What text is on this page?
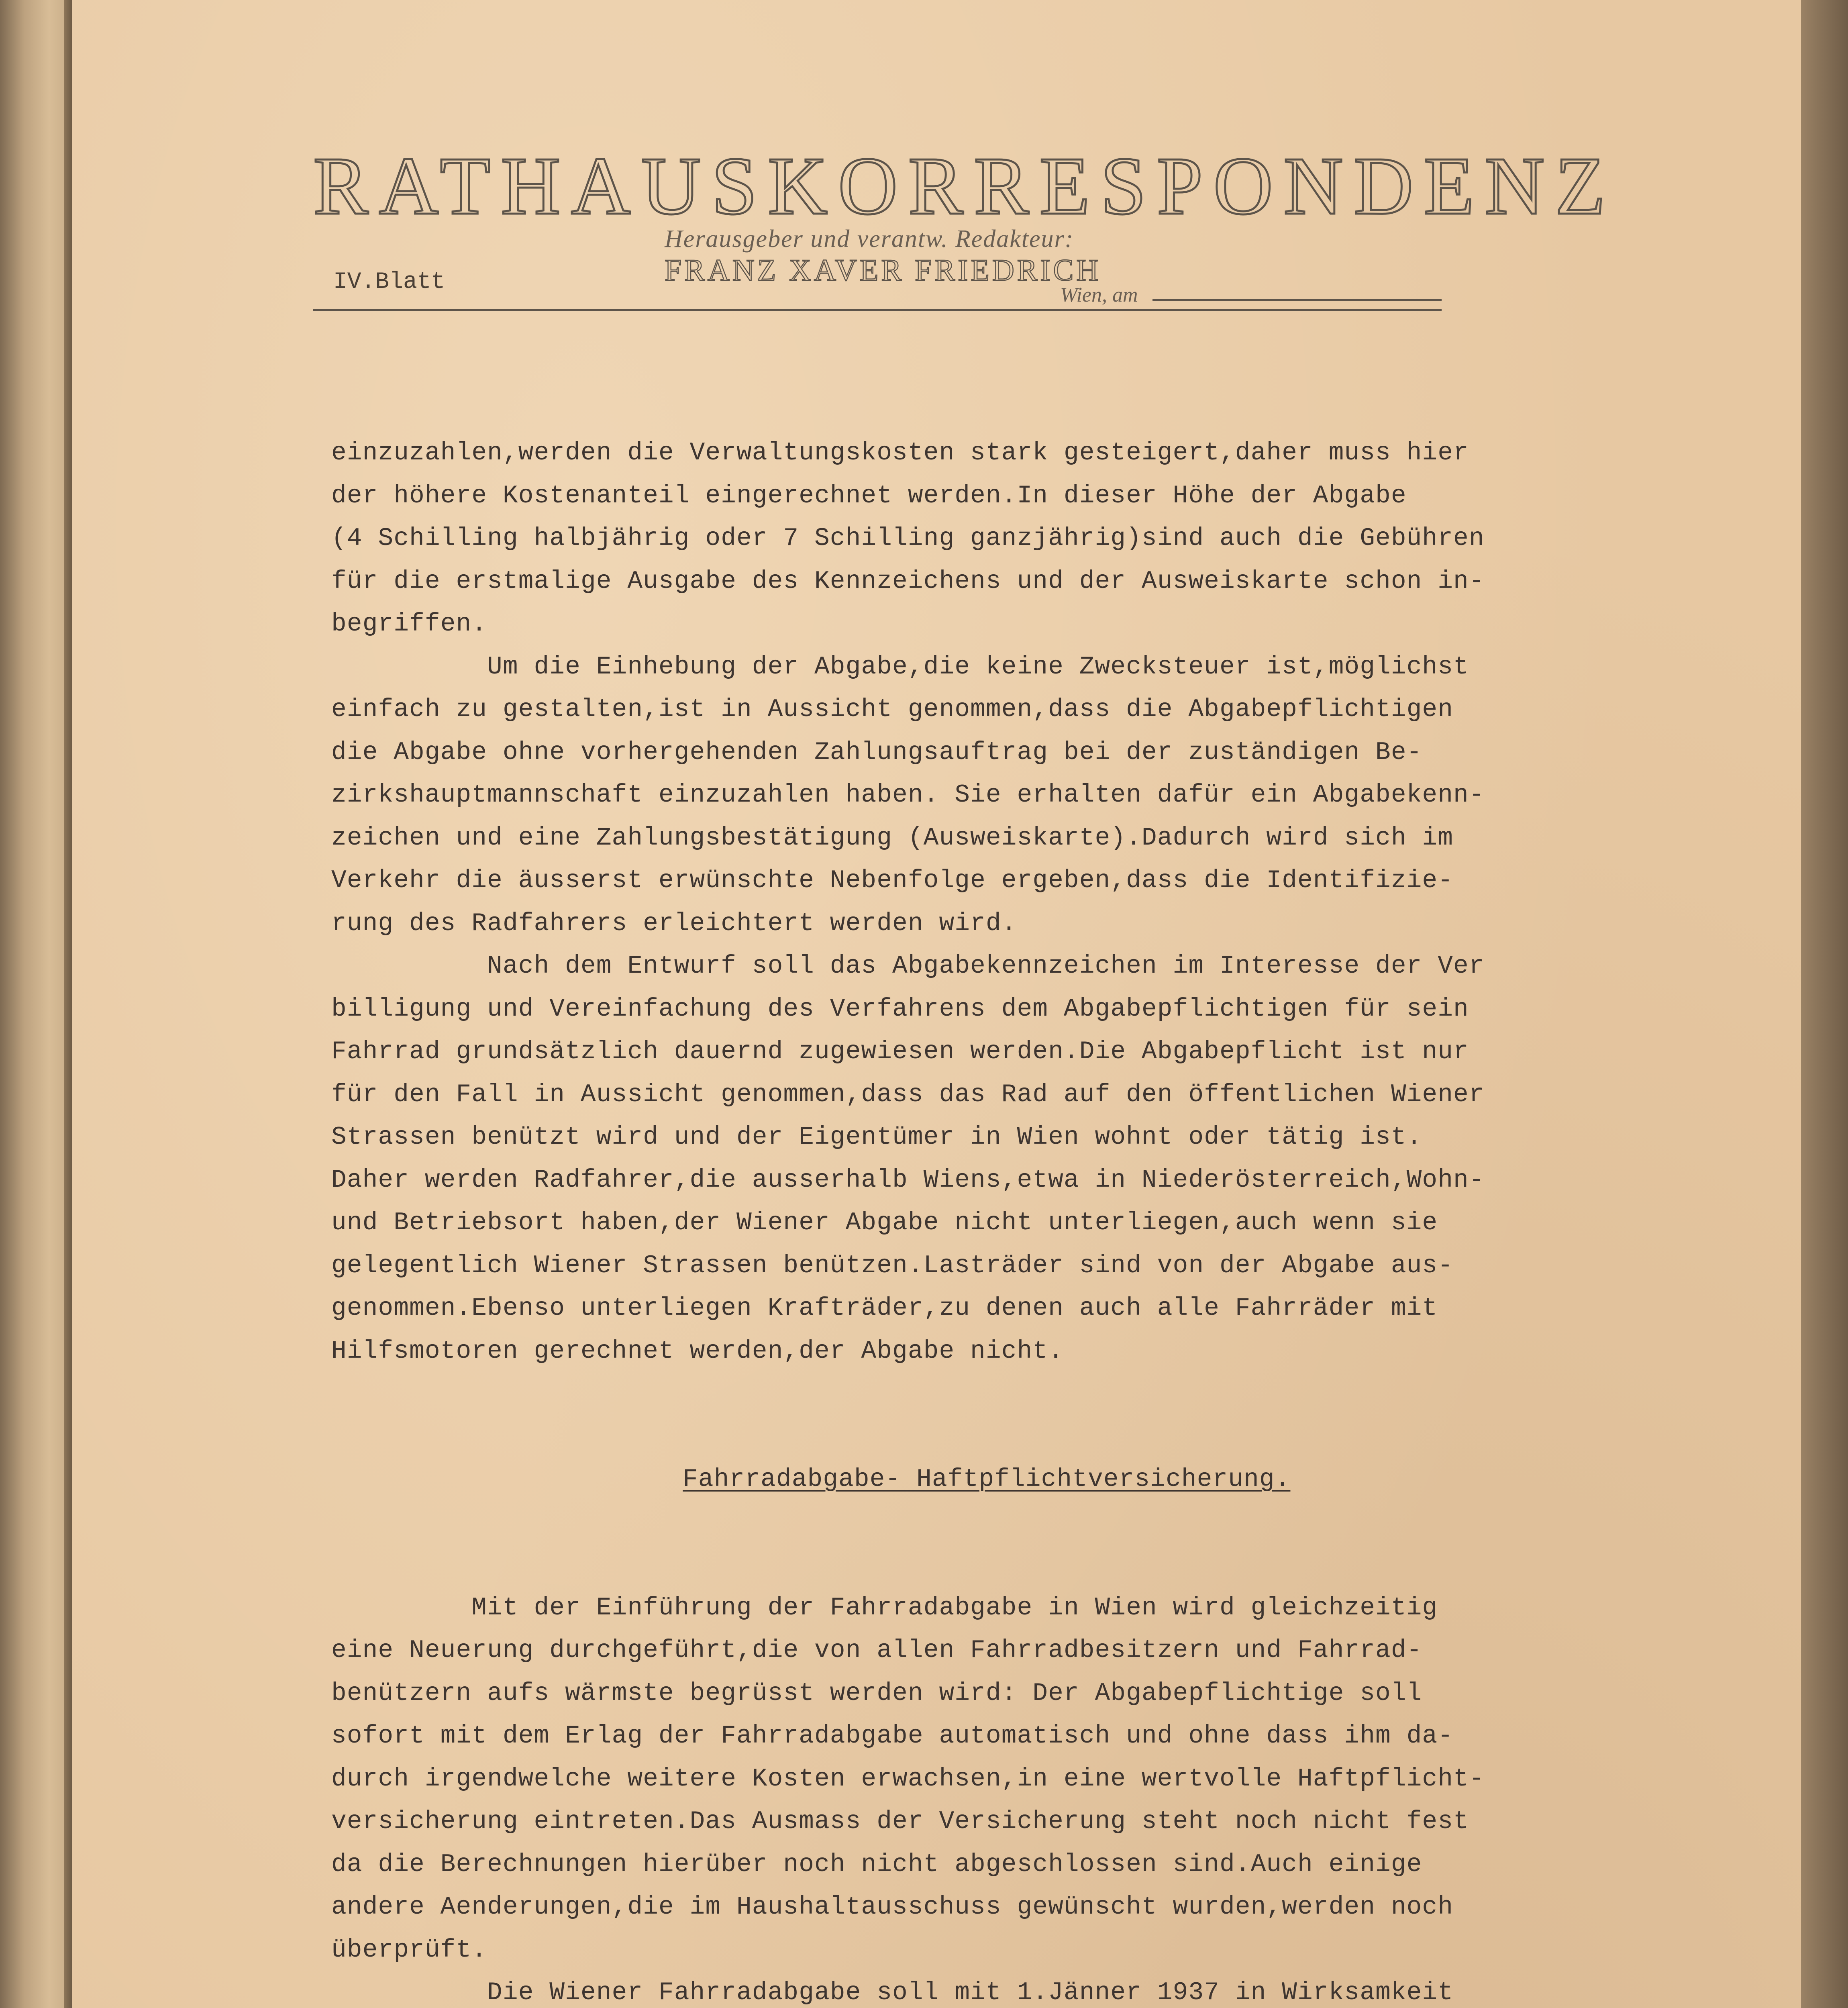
RATHAUSKORRESPONDENZ
Herausgeber und verantw. Redakteur:
FRANZ XAVER FRIEDRICH
IV.Blatt	Wien, am

einzuzahlen,werden die Verwaltungskosten stark gesteigert,daher muss hier
der höhere Kostenanteil eingerechnet werden.In dieser Höhe der Abgabe
(4 Schilling halbjährig oder 7 Schilling ganzjährig)sind auch die Gebühren
für die erstmalige Ausgabe des Kennzeichens und der Ausweiskarte schon in-
begriffen.
Um die Einhebung der Abgabe,die keine Zwecksteuer ist,möglichst
einfach zu gestalten,ist in Aussicht genommen,dass die Abgabepflichtigen
die Abgabe ohne vorhergehenden Zahlungsauftrag bei der zuständigen Be-
zirkshauptmannschaft einzuzahlen haben. Sie erhalten dafür ein Abgabekenn-
zeichen und eine Zahlungsbestätigung (Ausweiskarte).Dadurch wird sich im
Verkehr die äusserst erwünschte Nebenfolge ergeben,dass die Identifizie-
rung des Radfahrers erleichtert werden wird.
Nach dem Entwurf soll das Abgabekennzeichen im Interesse der Ver
billigung und Vereinfachung des Verfahrens dem Abgabepflichtigen für sein
Fahrrad grundsätzlich dauernd zugewiesen werden.Die Abgabepflicht ist nur
für den Fall in Aussicht genommen,dass das Rad auf den öffentlichen Wiener
Strassen benützt wird und der Eigentümer in Wien wohnt oder tätig ist.
Daher werden Radfahrer,die ausserhalb Wiens,etwa in Niederösterreich,Wohn-
und Betriebsort haben,der Wiener Abgabe nicht unterliegen,auch wenn sie
gelegentlich Wiener Strassen benützen.Lasträder sind von der Abgabe aus-
genommen.Ebenso unterliegen Krafträder,zu denen auch alle Fahrräder mit
Hilfsmotoren gerechnet werden,der Abgabe nicht.

Fahrradabgabe- Haftpflichtversicherung.

Mit der Einführung der Fahrradabgabe in Wien wird gleichzeitig
eine Neuerung durchgeführt,die von allen Fahrradbesitzern und Fahrrad-
benützern aufs wärmste begrüsst werden wird: Der Abgabepflichtige soll
sofort mit dem Erlag der Fahrradabgabe automatisch und ohne dass ihm da-
durch irgendwelche weitere Kosten erwachsen,in eine wertvolle Haftpflicht-
versicherung eintreten.Das Ausmass der Versicherung steht noch nicht fest
da die Berechnungen hierüber noch nicht abgeschlossen sind.Auch einige
andere Aenderungen,die im Haushaltausschuss gewünscht wurden,werden noch
überprüft.
Die Wiener Fahrradabgabe soll mit 1.Jänner 1937 in Wirksamkeit
